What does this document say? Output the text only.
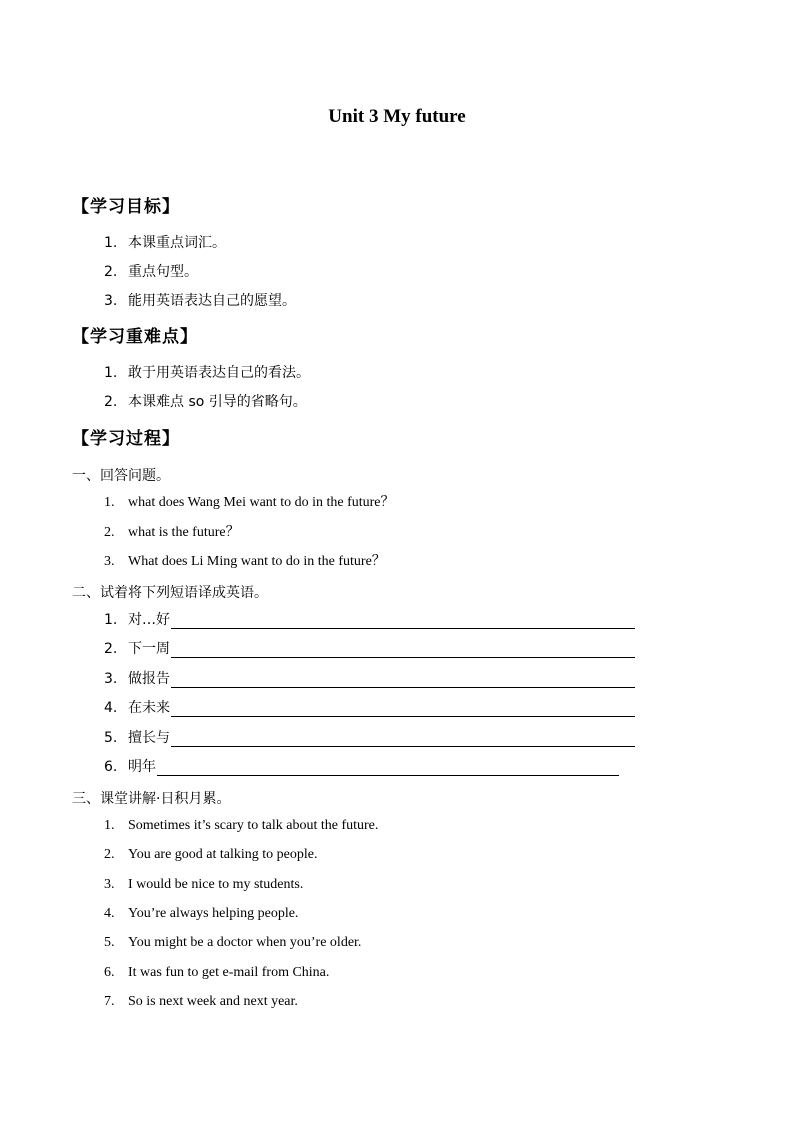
Unit 3 My future
【学习目标】
1. 本课重点词汇。
2. 重点句型。
3. 能用英语表达自己的愿望。
【学习重难点】
1. 敢于用英语表达自己的看法。
2. 本课难点 so 引导的省略句。
【学习过程】
一、回答问题。
1. what does Wang Mei want to do in the future？
2. what is the future？
3. What does Li Ming want to do in the future？
二、试着将下列短语译成英语。
1. 对…好
2. 下一周
3. 做报告
4. 在未来
5. 擅长与
6. 明年
三、课堂讲解·日积月累。
1. Sometimes it’s scary to talk about the future.
2. You are good at talking to people.
3. I would be nice to my students.
4. You’re always helping people.
5. You might be a doctor when you’re older.
6. It was fun to get e-mail from China.
7. So is next week and next year.
